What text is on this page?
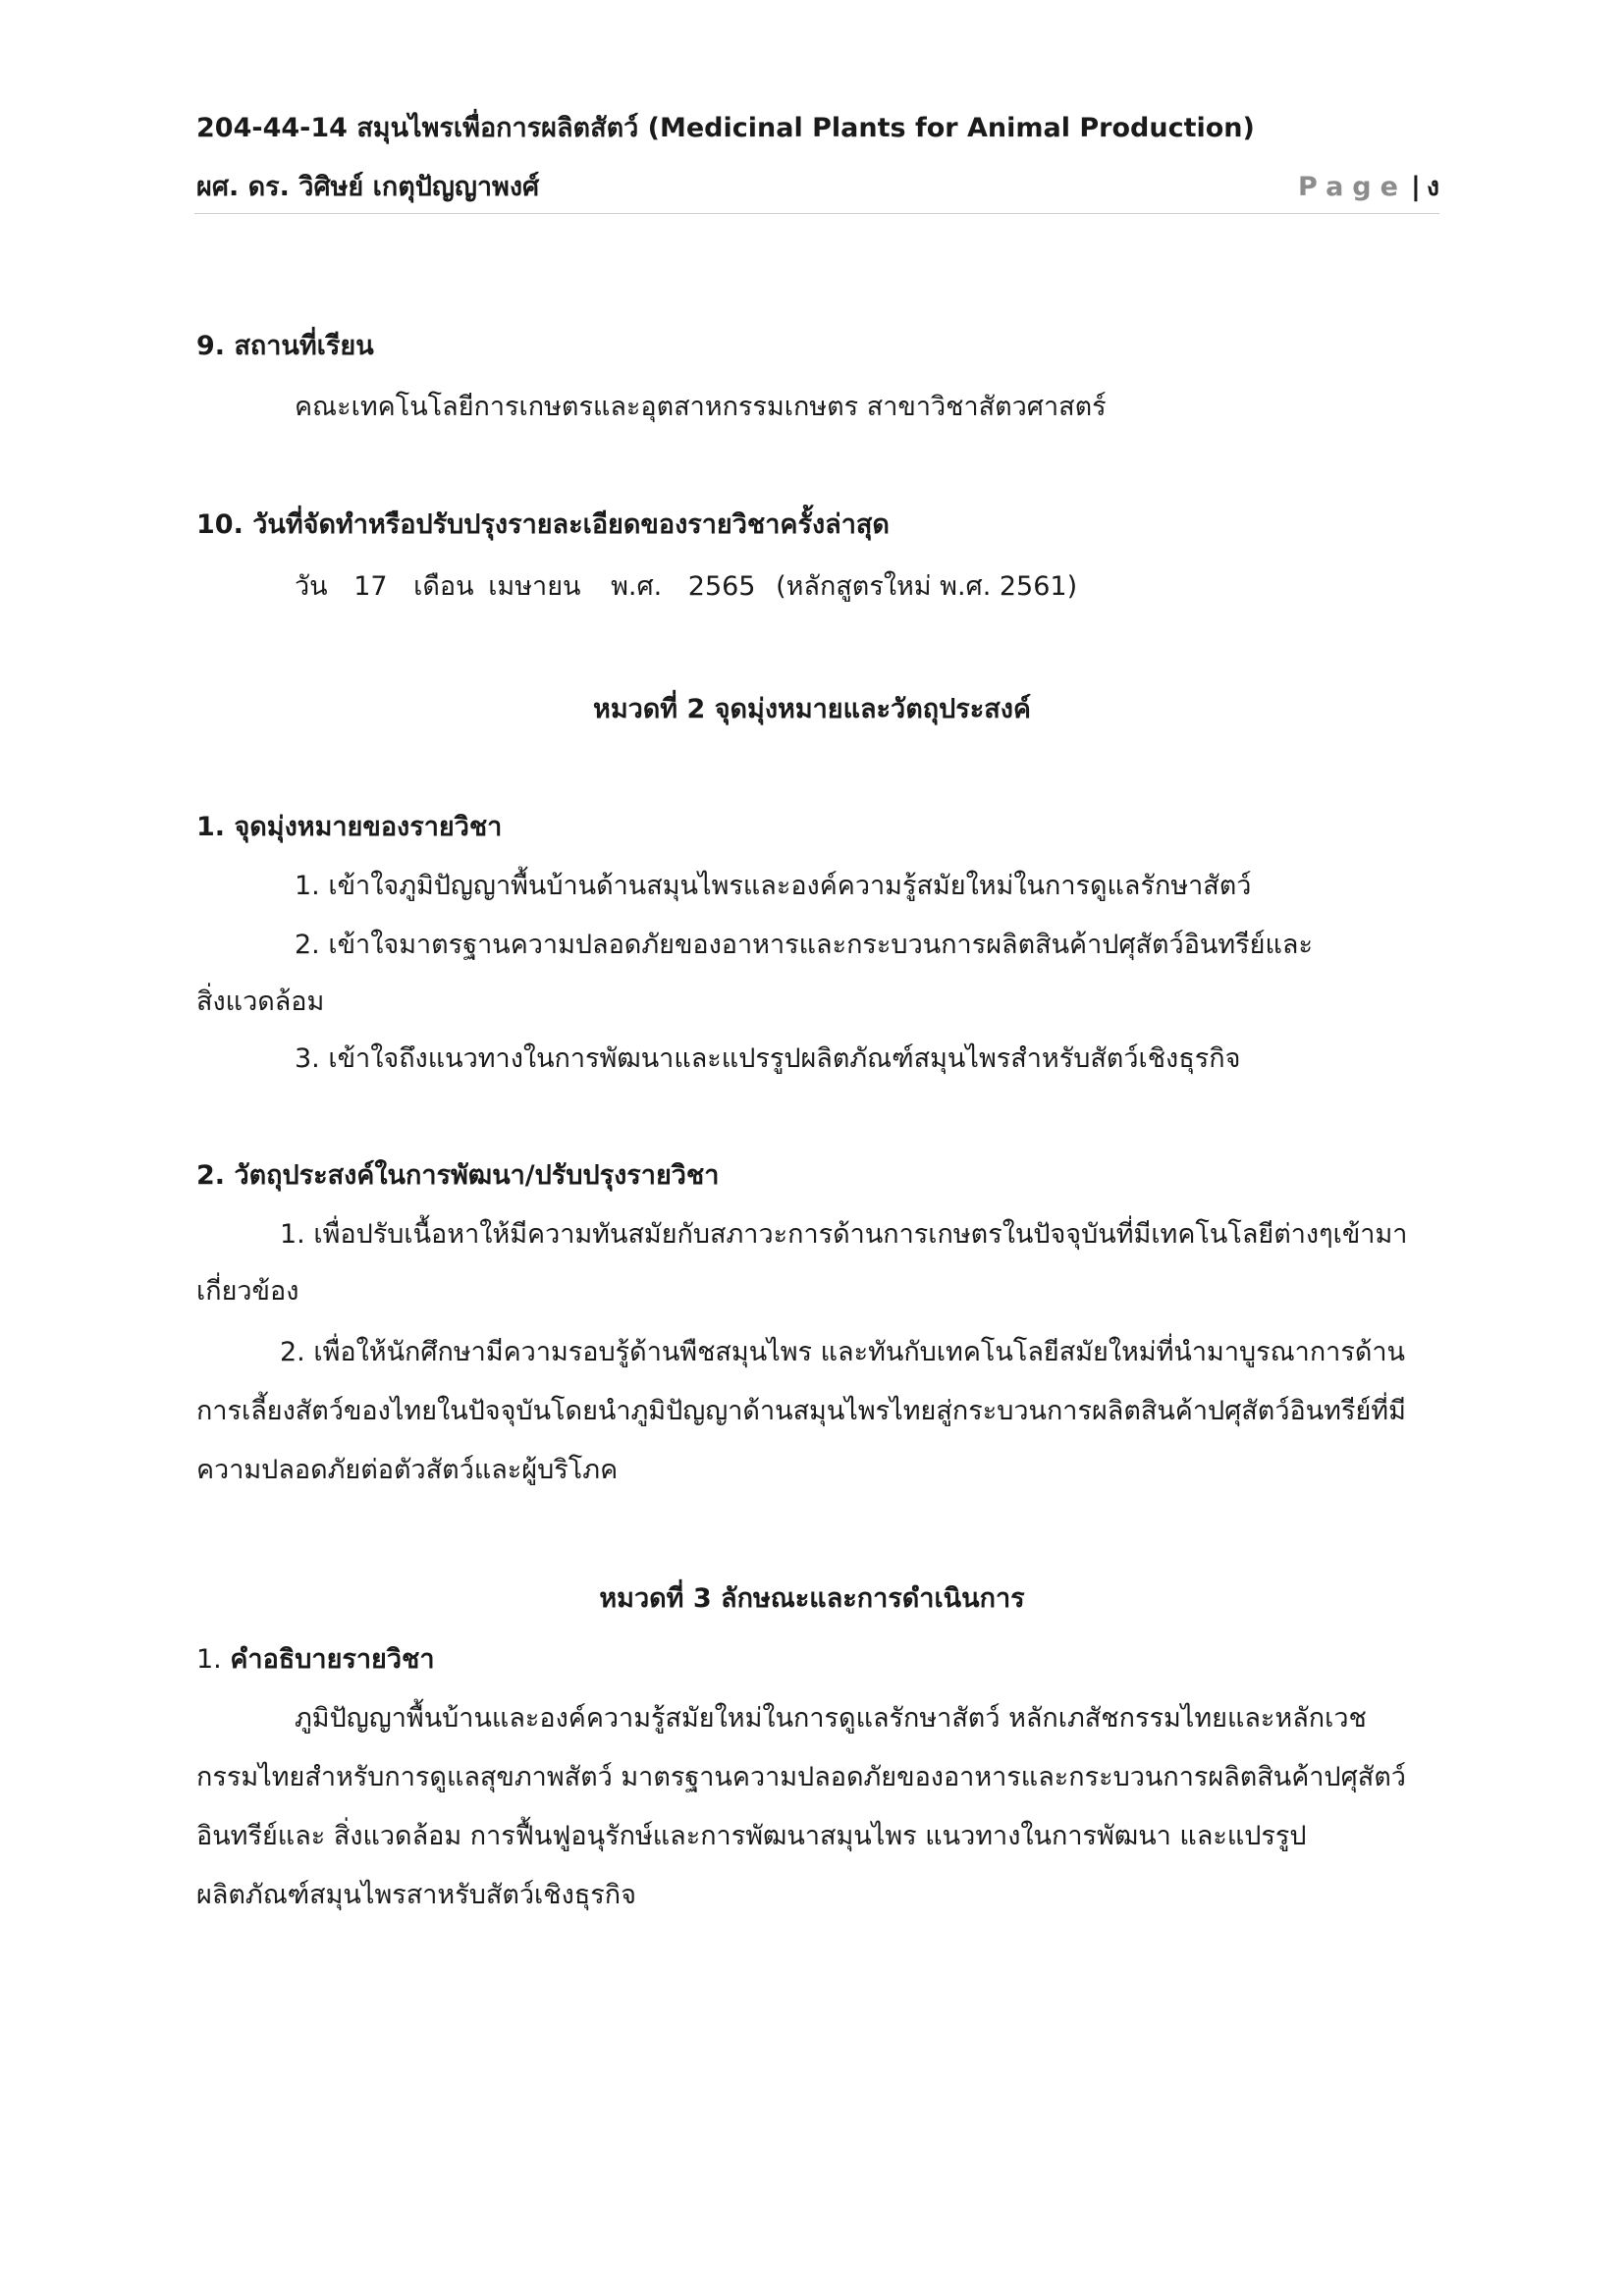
204-44-14 สมุนไพรเพื่อการผลิตสัตว์ (Medicinal Plants for Animal Production)
ผศ. ดร. วิศิษย์ เกตุปัญญาพงศ์	Page | ง
9. สถานที่เรียน
คณะเทคโนโลยีการเกษตรและอุตสาหกรรมเกษตร สาขาวิชาสัตวศาสตร์
10. วันที่จัดทำหรือปรับปรุงรายละเอียดของรายวิชาครั้งล่าสุด
วัน 17 เดือน เมษายน พ.ศ. 2565 (หลักสูตรใหม่ พ.ศ. 2561)
หมวดที่ 2 จุดมุ่งหมายและวัตถุประสงค์
1. จุดมุ่งหมายของรายวิชา
1. เข้าใจภูมิปัญญาพื้นบ้านด้านสมุนไพรและองค์ความรู้สมัยใหม่ในการดูแลรักษาสัตว์
2. เข้าใจมาตรฐานความปลอดภัยของอาหารและกระบวนการผลิตสินค้าปศุสัตว์อินทรีย์และ
สิ่งแวดล้อม
3. เข้าใจถึงแนวทางในการพัฒนาและแปรรูปผลิตภัณฑ์สมุนไพรสำหรับสัตว์เชิงธุรกิจ
2. วัตถุประสงค์ในการพัฒนา/ปรับปรุงรายวิชา
1. เพื่อปรับเนื้อหาให้มีความทันสมัยกับสภาวะการด้านการเกษตรในปัจจุบันที่มีเทคโนโลยีต่างๆเข้ามา
เกี่ยวข้อง
2. เพื่อให้นักศึกษามีความรอบรู้ด้านพืชสมุนไพร และทันกับเทคโนโลยีสมัยใหม่ที่นำมาบูรณาการด้าน
การเลี้ยงสัตว์ของไทยในปัจจุบันโดยนำภูมิปัญญาด้านสมุนไพรไทยสู่กระบวนการผลิตสินค้าปศุสัตว์อินทรีย์ที่มี
ความปลอดภัยต่อตัวสัตว์และผู้บริโภค
หมวดที่ 3 ลักษณะและการดำเนินการ
1. คำอธิบายรายวิชา
ภูมิปัญญาพื้นบ้านและองค์ความรู้สมัยใหม่ในการดูแลรักษาสัตว์ หลักเภสัชกรรมไทยและหลักเวช
กรรมไทยสำหรับการดูแลสุขภาพสัตว์ มาตรฐานความปลอดภัยของอาหารและกระบวนการผลิตสินค้าปศุสัตว์
อินทรีย์และ สิ่งแวดล้อม การฟื้นฟูอนุรักษ์และการพัฒนาสมุนไพร แนวทางในการพัฒนา และแปรรูป
ผลิตภัณฑ์สมุนไพรสาหรับสัตว์เชิงธุรกิจ
